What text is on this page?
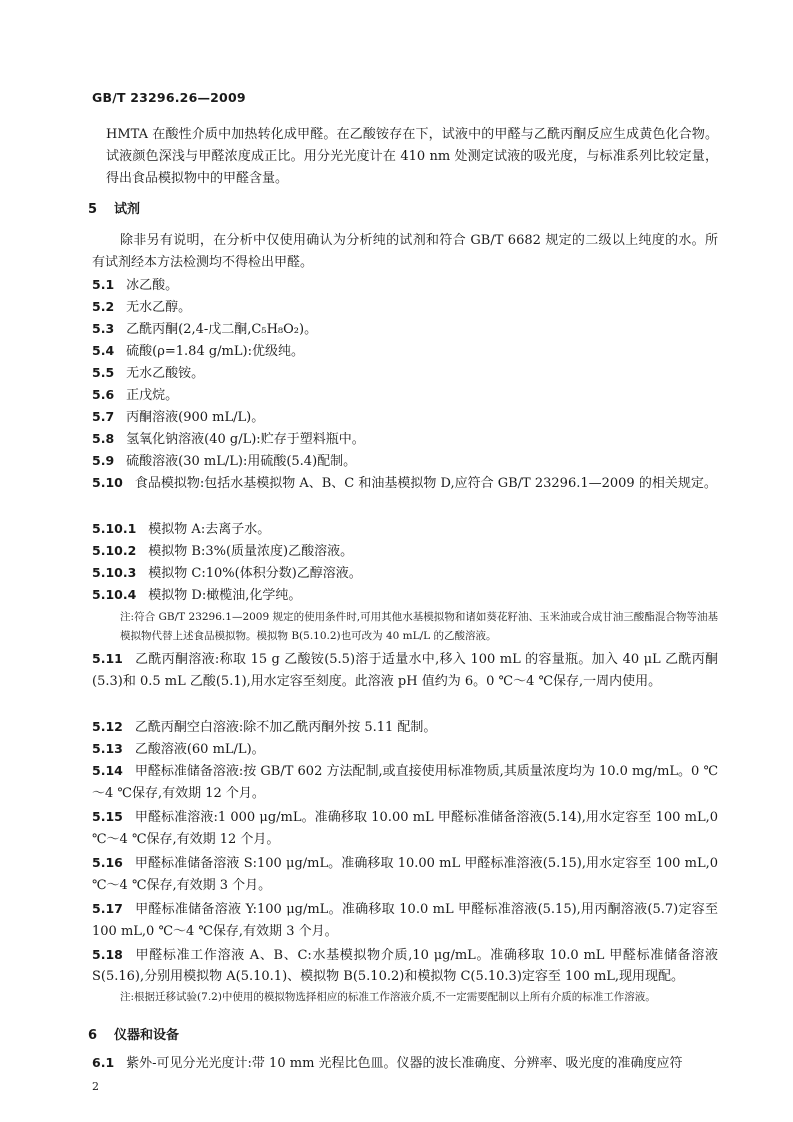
GB/T 23296.26—2009
HMTA 在酸性介质中加热转化成甲醛。在乙酸铵存在下，试液中的甲醛与乙酰丙酮反应生成黄色化合物。试液颜色深浅与甲醛浓度成正比。用分光光度计在 410 nm 处测定试液的吸光度，与标准系列比较定量，得出食品模拟物中的甲醛含量。
5 试剂
除非另有说明，在分析中仅使用确认为分析纯的试剂和符合 GB/T 6682 规定的二级以上纯度的水。所有试剂经本方法检测均不得检出甲醛。
5.1 冰乙酸。
5.2 无水乙醇。
5.3 乙酰丙酮(2,4-戊二酮,C₅H₈O₂)。
5.4 硫酸(ρ=1.84 g/mL):优级纯。
5.5 无水乙酸铵。
5.6 正戊烷。
5.7 丙酮溶液(900 mL/L)。
5.8 氢氧化钠溶液(40 g/L):贮存于塑料瓶中。
5.9 硫酸溶液(30 mL/L):用硫酸(5.4)配制。
5.10 食品模拟物:包括水基模拟物 A、B、C 和油基模拟物 D,应符合 GB/T 23296.1—2009 的相关规定。
5.10.1 模拟物 A:去离子水。
5.10.2 模拟物 B:3%(质量浓度)乙酸溶液。
5.10.3 模拟物 C:10%(体积分数)乙醇溶液。
5.10.4 模拟物 D:橄榄油,化学纯。
注:符合 GB/T 23296.1—2009 规定的使用条件时,可用其他水基模拟物和诸如葵花籽油、玉米油或合成甘油三酸酯混合物等油基模拟物代替上述食品模拟物。模拟物 B(5.10.2)也可改为 40 mL/L 的乙酸溶液。
5.11 乙酰丙酮溶液:称取 15 g 乙酸铵(5.5)溶于适量水中,移入 100 mL 的容量瓶。加入 40 μL 乙酰丙酮(5.3)和 0.5 mL 乙酸(5.1),用水定容至刻度。此溶液 pH 值约为 6。0 ℃～4 ℃保存,一周内使用。
5.12 乙酰丙酮空白溶液:除不加乙酰丙酮外按 5.11 配制。
5.13 乙酸溶液(60 mL/L)。
5.14 甲醛标准储备溶液:按 GB/T 602 方法配制,或直接使用标准物质,其质量浓度均为 10.0 mg/mL。0 ℃～4 ℃保存,有效期 12 个月。
5.15 甲醛标准溶液:1 000 μg/mL。准确移取 10.00 mL 甲醛标准储备溶液(5.14),用水定容至 100 mL,0 ℃～4 ℃保存,有效期 12 个月。
5.16 甲醛标准储备溶液 S:100 μg/mL。准确移取 10.00 mL 甲醛标准溶液(5.15),用水定容至 100 mL,0 ℃～4 ℃保存,有效期 3 个月。
5.17 甲醛标准储备溶液 Y:100 μg/mL。准确移取 10.0 mL 甲醛标准溶液(5.15),用丙酮溶液(5.7)定容至 100 mL,0 ℃～4 ℃保存,有效期 3 个月。
5.18 甲醛标准工作溶液 A、B、C:水基模拟物介质,10 μg/mL。准确移取 10.0 mL 甲醛标准储备溶液 S(5.16),分别用模拟物 A(5.10.1)、模拟物 B(5.10.2)和模拟物 C(5.10.3)定容至 100 mL,现用现配。
2
注:根据迁移试验(7.2)中使用的模拟物选择相应的标准工作溶液介质,不一定需要配制以上所有介质的标准工作溶液。
6 仪器和设备
6.1 紫外-可见分光光度计:带 10 mm 光程比色皿。仪器的波长准确度、分辨率、吸光度的准确度应符
